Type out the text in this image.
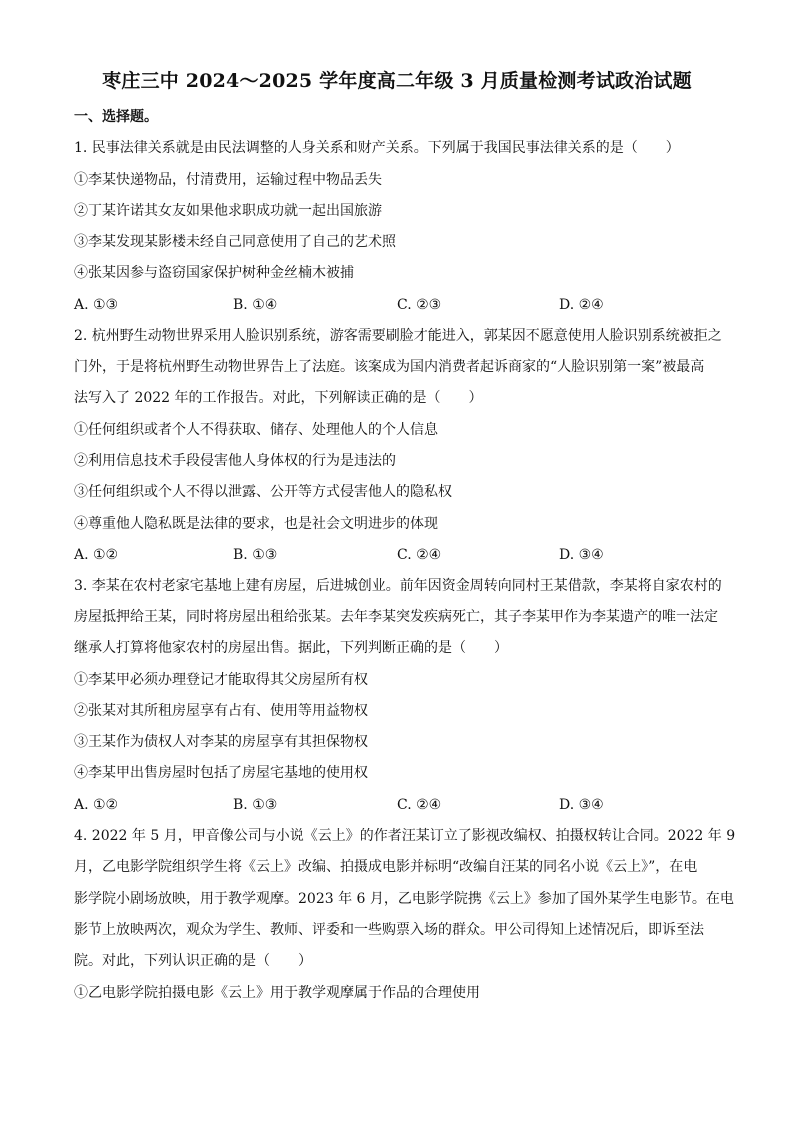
枣庄三中 2024～2025 学年度高二年级 3 月质量检测考试政治试题
一、选择题。
1. 民事法律关系就是由民法调整的人身关系和财产关系。下列属于我国民事法律关系的是（　　）
①李某快递物品，付清费用，运输过程中物品丢失
②丁某许诺其女友如果他求职成功就一起出国旅游
③李某发现某影楼未经自己同意使用了自己的艺术照
④张某因参与盗窃国家保护树种金丝楠木被捕
A. ①③	B. ①④	C. ②③	D. ②④
2. 杭州野生动物世界采用人脸识别系统，游客需要刷脸才能进入，郭某因不愿意使用人脸识别系统被拒之
门外，于是将杭州野生动物世界告上了法庭。该案成为国内消费者起诉商家的“人脸识别第一案”被最高
法写入了 2022 年的工作报告。对此，下列解读正确的是（　　）
①任何组织或者个人不得获取、储存、处理他人的个人信息
②利用信息技术手段侵害他人身体权的行为是违法的
③任何组织或个人不得以泄露、公开等方式侵害他人的隐私权
④尊重他人隐私既是法律的要求，也是社会文明进步的体现
A. ①②	B. ①③	C. ②④	D. ③④
3. 李某在农村老家宅基地上建有房屋，后进城创业。前年因资金周转向同村王某借款，李某将自家农村的
房屋抵押给王某，同时将房屋出租给张某。去年李某突发疾病死亡，其子李某甲作为李某遗产的唯一法定
继承人打算将他家农村的房屋出售。据此，下列判断正确的是（　　）
①李某甲必须办理登记才能取得其父房屋所有权
②张某对其所租房屋享有占有、使用等用益物权
③王某作为债权人对李某的房屋享有其担保物权
④李某甲出售房屋时包括了房屋宅基地的使用权
A. ①②	B. ①③	C. ②④	D. ③④
4. 2022 年 5 月，甲音像公司与小说《云上》的作者汪某订立了影视改编权、拍摄权转让合同。2022 年 9
月，乙电影学院组织学生将《云上》改编、拍摄成电影并标明“改编自汪某的同名小说《云上》”，在电
影学院小剧场放映，用于教学观摩。2023 年 6 月，乙电影学院携《云上》参加了国外某学生电影节。在电
影节上放映两次，观众为学生、教师、评委和一些购票入场的群众。甲公司得知上述情况后，即诉至法
院。对此，下列认识正确的是（　　）
①乙电影学院拍摄电影《云上》用于教学观摩属于作品的合理使用
